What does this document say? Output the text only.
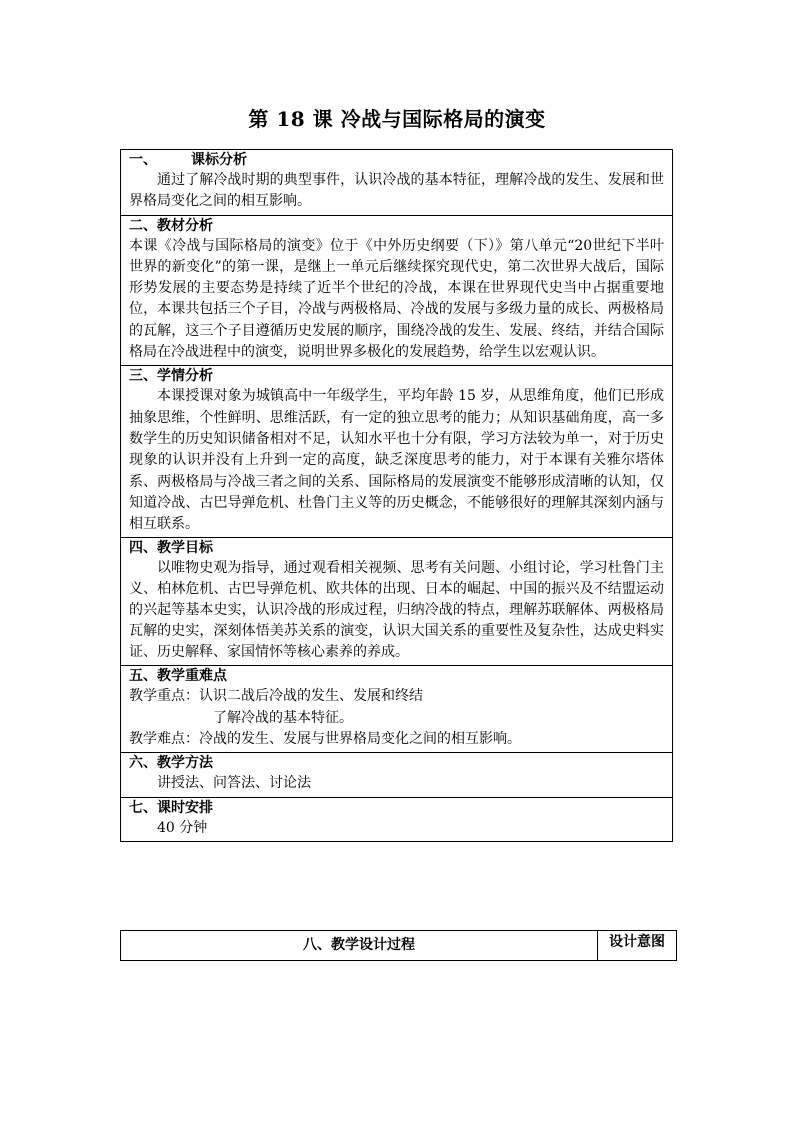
第 18 课 冷战与国际格局的演变
一、 课标分析
通过了解冷战时期的典型事件，认识冷战的基本特征，理解冷战的发生、发展和世界格局变化之间的相互影响。

二、教材分析
本课《冷战与国际格局的演变》位于《中外历史纲要（下）》第八单元“20世纪下半叶世界的新变化”的第一课，是继上一单元后继续探究现代史，第二次世界大战后，国际形势发展的主要态势是持续了近半个世纪的冷战，本课在世界现代史当中占据重要地位，本课共包括三个子目，冷战与两极格局、冷战的发展与多级力量的成长、两极格局的瓦解，这三个子目遵循历史发展的顺序，围绕冷战的发生、发展、终结，并结合国际格局在冷战进程中的演变，说明世界多极化的发展趋势，给学生以宏观认识。

三、学情分析
本课授课对象为城镇高中一年级学生，平均年龄 15 岁，从思维角度，他们已形成抽象思维，个性鲜明、思维活跃，有一定的独立思考的能力；从知识基础角度，高一多数学生的历史知识储备相对不足，认知水平也十分有限，学习方法较为单一，对于历史现象的认识并没有上升到一定的高度，缺乏深度思考的能力，对于本课有关雅尔塔体系、两极格局与冷战三者之间的关系、国际格局的发展演变不能够形成清晰的认知，仅知道冷战、古巴导弹危机、杜鲁门主义等的历史概念，不能够很好的理解其深刻内涵与相互联系。

四、教学目标
以唯物史观为指导，通过观看相关视频、思考有关问题、小组讨论，学习杜鲁门主义、柏林危机、古巴导弹危机、欧共体的出现、日本的崛起、中国的振兴及不结盟运动的兴起等基本史实，认识冷战的形成过程，归纳冷战的特点，理解苏联解体、两极格局瓦解的史实，深刻体悟美苏关系的演变，认识大国关系的重要性及复杂性，达成史料实证、历史解释、家国情怀等核心素养的养成。

五、教学重难点
教学重点：认识二战后冷战的发生、发展和终结
了解冷战的基本特征。
教学难点：冷战的发生、发展与世界格局变化之间的相互影响。

六、教学方法
讲授法、问答法、讨论法

七、课时安排
40 分钟
八、教学设计过程	设计意图
